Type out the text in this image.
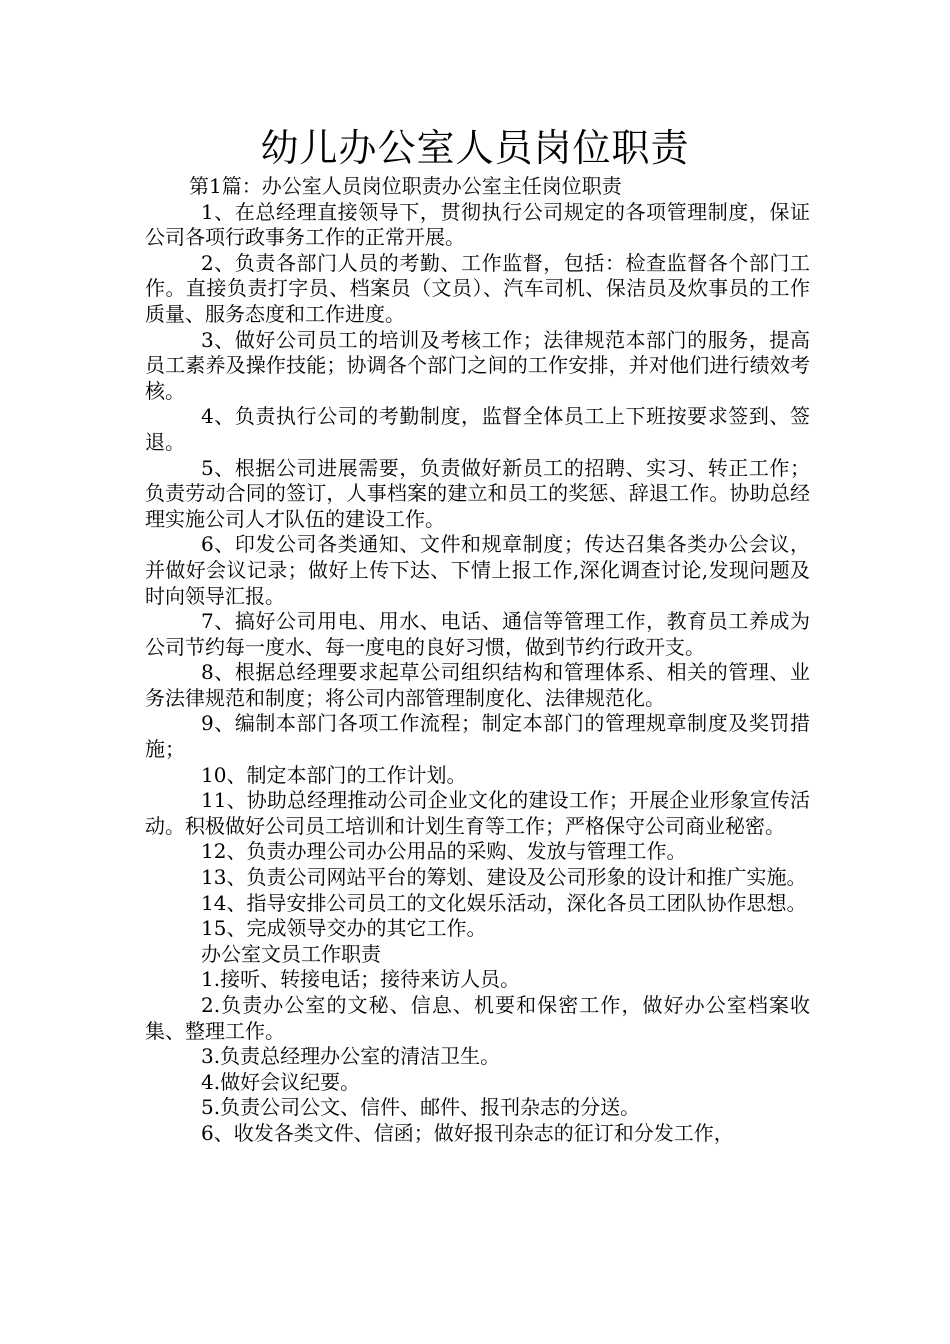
幼儿办公室人员岗位职责

第1篇：办公室人员岗位职责办公室主任岗位职责

1、在总经理直接领导下，贯彻执行公司规定的各项管理制度，保证公司各项行政事务工作的正常开展。

2、负责各部门人员的考勤、工作监督，包括：检查监督各个部门工作。直接负责打字员、档案员（文员）、汽车司机、保洁员及炊事员的工作质量、服务态度和工作进度。

3、做好公司员工的培训及考核工作；法律规范本部门的服务，提高员工素养及操作技能；协调各个部门之间的工作安排，并对他们进行绩效考核。

4、负责执行公司的考勤制度，监督全体员工上下班按要求签到、签退。

5、根据公司进展需要，负责做好新员工的招聘、实习、转正工作；负责劳动合同的签订，人事档案的建立和员工的奖惩、辞退工作。协助总经理实施公司人才队伍的建设工作。

6、印发公司各类通知、文件和规章制度；传达召集各类办公会议，并做好会议记录；做好上传下达、下情上报工作,深化调查讨论,发现问题及时向领导汇报。

7、搞好公司用电、用水、电话、通信等管理工作，教育员工养成为公司节约每一度水、每一度电的良好习惯，做到节约行政开支。

8、根据总经理要求起草公司组织结构和管理体系、相关的管理、业务法律规范和制度；将公司内部管理制度化、法律规范化。

9、编制本部门各项工作流程；制定本部门的管理规章制度及奖罚措施；

10、制定本部门的工作计划。

11、协助总经理推动公司企业文化的建设工作；开展企业形象宣传活动。积极做好公司员工培训和计划生育等工作；严格保守公司商业秘密。

12、负责办理公司办公用品的采购、发放与管理工作。

13、负责公司网站平台的筹划、建设及公司形象的设计和推广实施。

14、指导安排公司员工的文化娱乐活动，深化各员工团队协作思想。

15、完成领导交办的其它工作。

办公室文员工作职责

1.接听、转接电话；接待来访人员。

2.负责办公室的文秘、信息、机要和保密工作，做好办公室档案收集、整理工作。

3.负责总经理办公室的清洁卫生。

4.做好会议纪要。

5.负责公司公文、信件、邮件、报刊杂志的分送。

6、收发各类文件、信函；做好报刊杂志的征订和分发工作，
